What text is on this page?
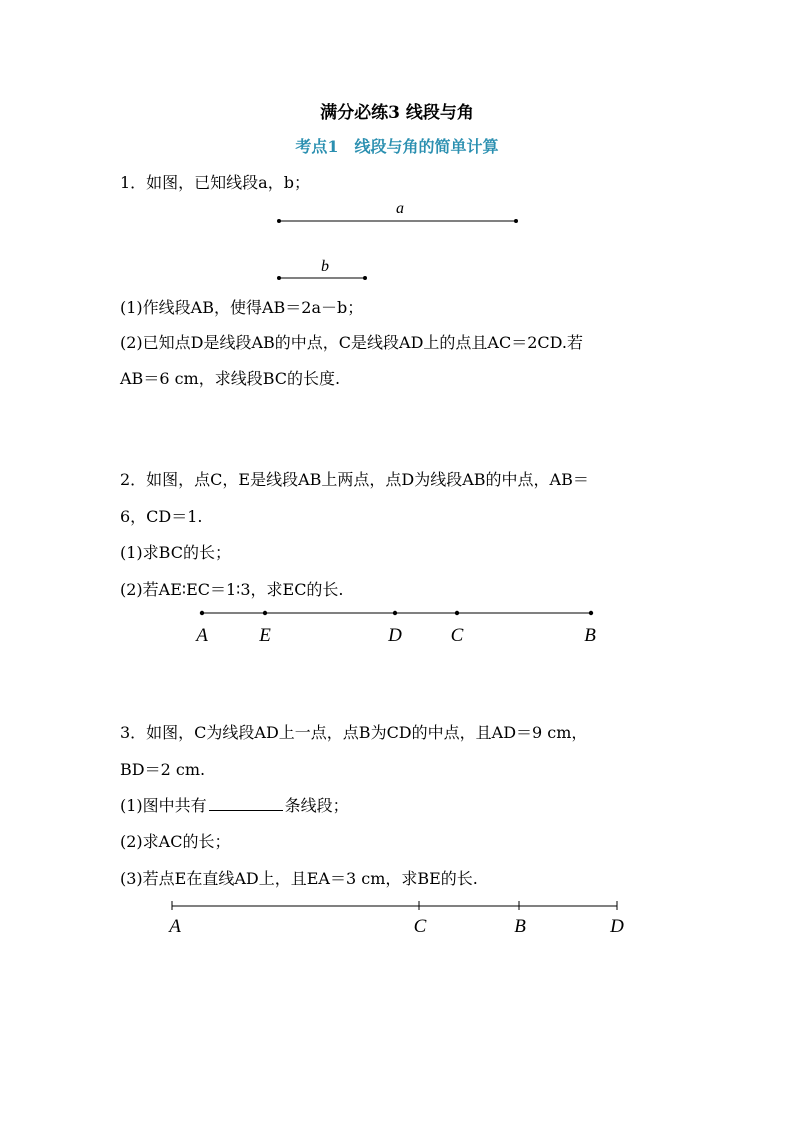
满分必练3 线段与角
考点1　线段与角的简单计算
1．如图，已知线段a，b；
(1)作线段AB，使得AB＝2a－b；
(2)已知点D是线段AB的中点，C是线段AD上的点且AC＝2CD.若
AB＝6 cm，求线段BC的长度.
2．如图，点C，E是线段AB上两点，点D为线段AB的中点，AB＝
6，CD＝1.
(1)求BC的长；
(2)若AE∶EC＝1∶3，求EC的长.
3．如图，C为线段AD上一点，点B为CD的中点，且AD＝9 cm，
BD＝2 cm.
(1)图中共有	条线段；
(2)求AC的长；
(3)若点E在直线AD上，且EA＝3 cm，求BE的长.
a
b
A	E	D	C	B
A	C	B	D
